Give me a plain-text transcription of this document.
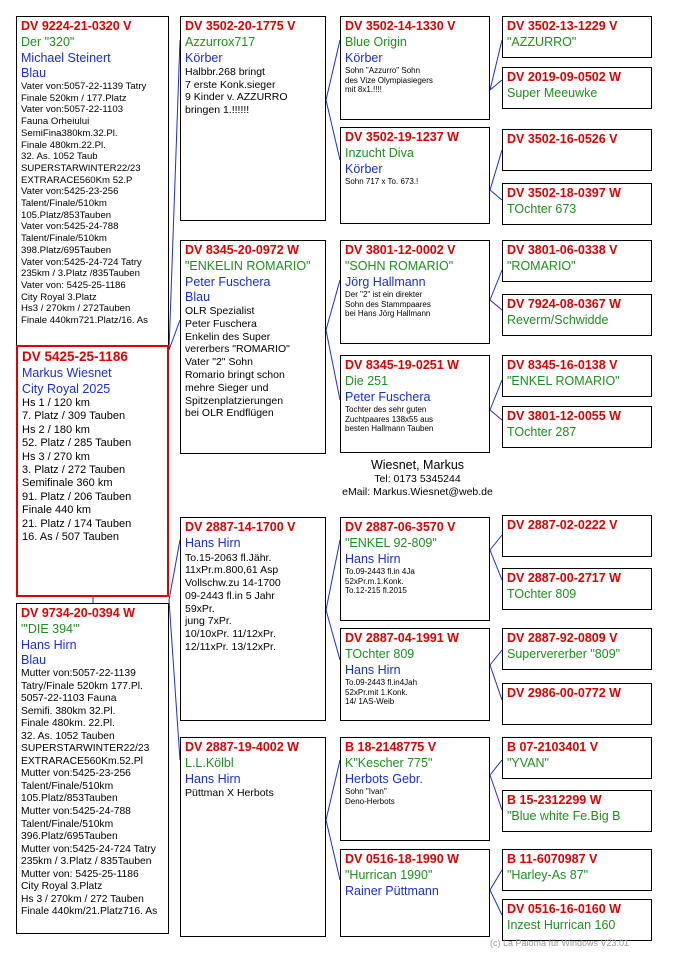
DV 9224-21-0320 V
Der "320"
Michael Steinert
Blau
Vater von:5057-22-1139 Tatry
Finale 520km / 177.Platz
Vater von:5057-22-1103
Fauna Orheiului
SemiFina380km.32.Pl.
Finale 480km.22.Pl.
32. As. 1052 Taub
SUPERSTARWINTER22/23
EXTRARACE560Km 52.P
Vater von:5425-23-256
Talent/Finale/510km
105.Platz/853Tauben
Vater von:5425-24-788
Talent/Finale/510km
398.Platz/695Tauben
Vater von:5425-24-724 Tatry
235km / 3.Platz /835Tauben
Vater von: 5425-25-1186
City Royal 3.Platz
Hs3 / 270km / 272Tauben
Finale 440km721.Platz/16. As
DV 5425-25-1186
Markus Wiesnet
City Royal 2025
Hs 1 / 120 km
7. Platz / 309 Tauben
Hs 2 / 180 km
52. Platz / 285 Tauben
Hs 3 / 270 km
3. Platz / 272 Tauben
Semifinale 360 km
91. Platz / 206 Tauben
Finale 440 km
21. Platz / 174 Tauben
16. As / 507 Tauben
DV 9734-20-0394 W
"'DIE 394'"
Hans Hirn
Blau
Mutter von:5057-22-1139
Tatry/Finale 520km 177.Pl.
5057-22-1103 Fauna
Semifi. 380km 32.Pl.
Finale 480km. 22.Pl.
32. As. 1052 Tauben
SUPERSTARWINTER22/23
EXTRARACE560Km.52.Pl
Mutter von:5425-23-256
Talent/Finale/510km
105.Platz/853Tauben
Mutter von:5425-24-788
Talent/Finale/510km
396.Platz/695Tauben
Mutter von:5425-24-724 Tatry
235km / 3.Platz / 835Tauben
Mutter von: 5425-25-1186
City Royal 3.Platz
Hs 3 / 270km / 272 Tauben
Finale 440km/21.Platz716. As
DV 3502-20-1775 V
Azzurrox717
Körber
Halbbr.268 bringt
7 erste Konk.sieger
9 Kinder v. AZZURRO
bringen 1.!!!!!!
DV 8345-20-0972 W
"ENKELIN ROMARIO"
Peter Fuschera
Blau
OLR Spezialist
Peter Fuschera
Enkelin des Super
vererbers "ROMARIO"
Vater "2" Sohn
Romario bringt schon
mehre Sieger und
Spitzenplatzierungen
bei OLR Endflügen
DV 2887-14-1700 V
Hans Hirn
To.15-2063 fl.Jähr.
11xPr.m.800,61 Asp
Vollschw.zu 14-1700
09-2443 fl.in 5 Jahr
59xPr.
jung 7xPr.
10/10xPr. 11/12xPr.
12/11xPr. 13/12xPr.
DV 2887-19-4002 W
L.L.Kölbl
Hans Hirn
Püttman X Herbots
DV 3502-14-1330 V
Blue Origin
Körber
Sohn "Azzurro" Sohn
des Vize Olympiasiegers
mit 8x1.!!!!
DV 3502-19-1237 W
Inzucht Diva
Körber
Sohn 717 x To. 673.!
DV 3801-12-0002 V
"SOHN ROMARIO"
Jörg Hallmann
Der "2" ist ein direkter
Sohn des Stammpaares
bei Hans Jörg Hallmann
DV 8345-19-0251 W
Die 251
Peter Fuschera
Tochter des sehr guten
Zuchtpaares 138x55 aus
besten Hallmann Tauben
DV 2887-06-3570 V
"ENKEL 92-809"
Hans Hirn
To.09-2443 fl.in 4Ja
52xPr.m.1.Konk.
To.12-215 fl.2015
DV 2887-04-1991 W
TOchter 809
Hans Hirn
To.09-2443 fl.in4Jah
52xPr.mit 1.Konk.
14/ 1AS-Weib
B 18-2148775 V
K"Kescher 775"
Herbots Gebr.
Sohn "Ivan"
Deno-Herbots
DV 0516-18-1990 W
"Hurrican 1990"
Rainer Püttmann
DV 3502-13-1229 V
"AZZURRO"
DV 2019-09-0502 W
Super Meeuwke
DV 3502-16-0526 V
DV 3502-18-0397 W
TOchter 673
DV 3801-06-0338 V
"ROMARIO"
DV 7924-08-0367 W
Reverm/Schwidde
DV 8345-16-0138 V
"ENKEL ROMARIO"
DV 3801-12-0055 W
TOchter 287
DV 2887-02-0222 V
DV 2887-00-2717 W
TOchter 809
DV 2887-92-0809 V
Supervererber "809"
DV 2986-00-0772 W
B 07-2103401 V
"YVAN"
B 15-2312299 W
"Blue white Fe.Big B
B 11-6070987 V
"Harley-As 87"
DV 0516-16-0160 W
Inzest Hurrican 160
Wiesnet, Markus
Tel: 0173 5345244
eMail: Markus.Wiesnet@web.de
(c) La Paloma für Windows V23.01
